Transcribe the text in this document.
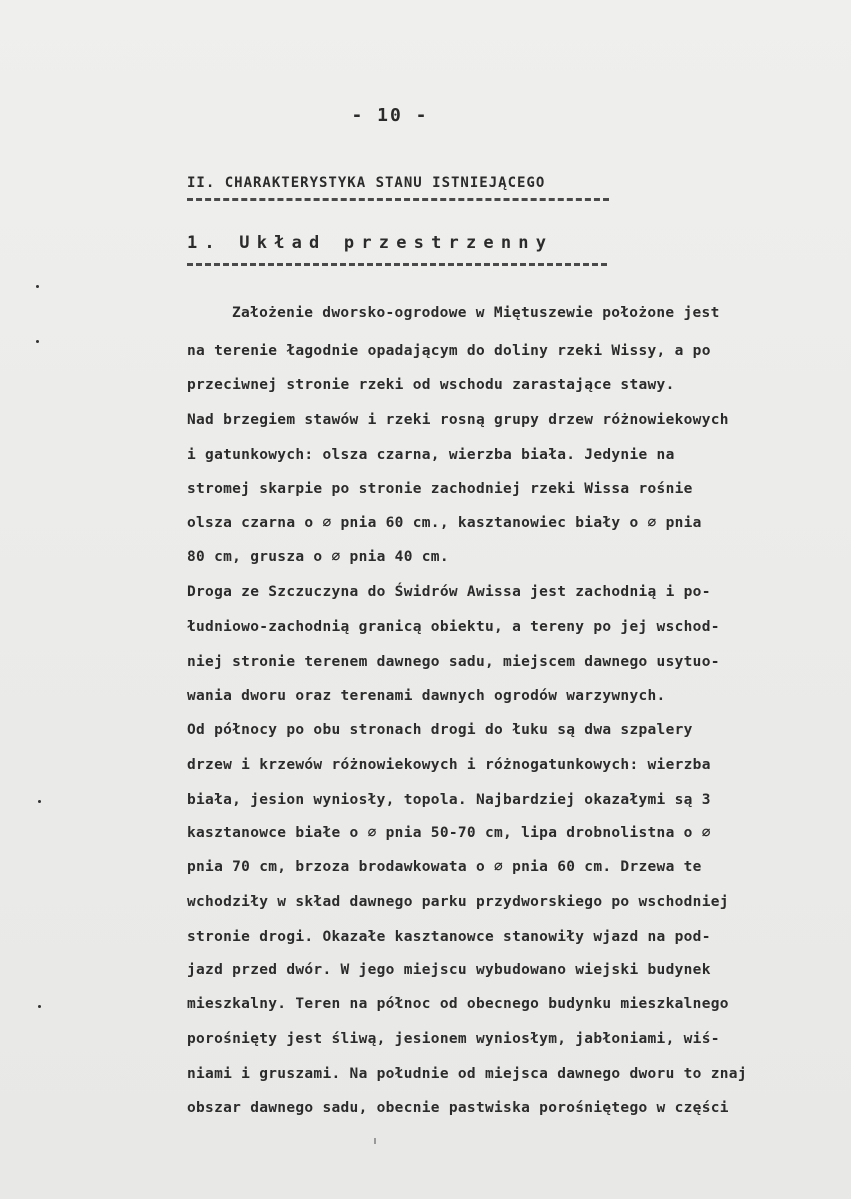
- 10 -
II. CHARAKTERYSTYKA STANU ISTNIEJĄCEGO
1. Układ przestrzenny
Założenie dworsko-ogrodowe w Miętuszewie położone jest
na terenie łagodnie opadającym do doliny rzeki Wissy, a po
przeciwnej stronie rzeki od wschodu zarastające stawy.
Nad brzegiem stawów i rzeki rosną grupy drzew różnowiekowych
i gatunkowych: olsza czarna, wierzba biała. Jedynie na
stromej skarpie po stronie zachodniej rzeki Wissa rośnie
olsza czarna o ∅ pnia 60 cm., kasztanowiec biały o ∅ pnia
80 cm, grusza o ∅ pnia 40 cm.
Droga ze Szczuczyna do Świdrów Awissa jest zachodnią i po-
łudniowo-zachodnią granicą obiektu, a tereny po jej wschod-
niej stronie terenem dawnego sadu, miejscem dawnego usytuo-
wania dworu oraz terenami dawnych ogrodów warzywnych.
Od północy po obu stronach drogi do łuku są dwa szpalery
drzew i krzewów różnowiekowych i różnogatunkowych: wierzba
biała, jesion wyniosły, topola. Najbardziej okazałymi są 3
kasztanowce białe o ∅ pnia 50-70 cm, lipa drobnolistna o ∅
pnia 70 cm, brzoza brodawkowata o ∅ pnia 60 cm. Drzewa te
wchodziły w skład dawnego parku przydworskiego po wschodniej
stronie drogi. Okazałe kasztanowce stanowiły wjazd na pod-
jazd przed dwór. W jego miejscu wybudowano wiejski budynek
mieszkalny. Teren na północ od obecnego budynku mieszkalnego
porośnięty jest śliwą, jesionem wyniosłym, jabłoniami, wiś-
niami i gruszami. Na południe od miejsca dawnego dworu to znaj
obszar dawnego sadu, obecnie pastwiska porośniętego w części
